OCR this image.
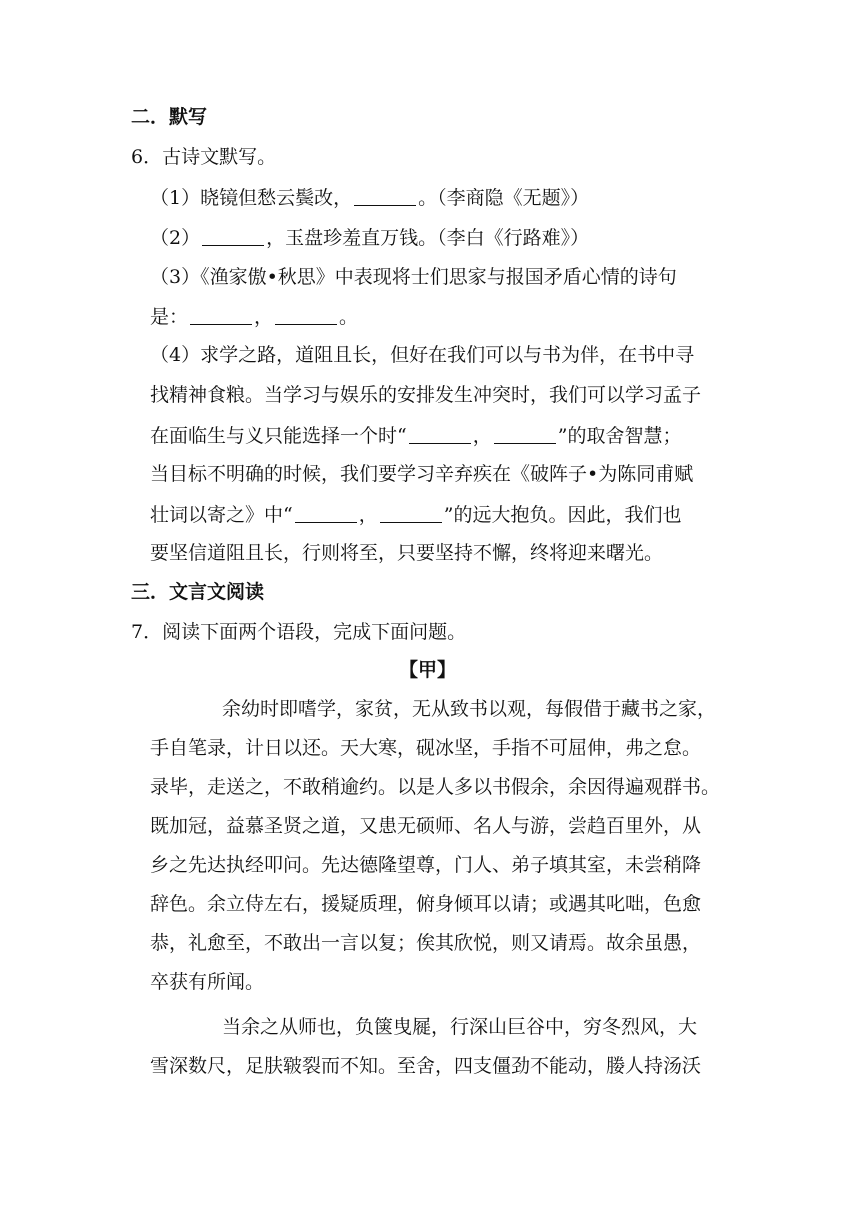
二．默写
6．古诗文默写。
（1）晓镜但愁云鬓改，	。（李商隐《无题》）
（2）	，玉盘珍羞直万钱。（李白《行路难》）
（3）《渔家傲•秋思》中表现将士们思家与报国矛盾心情的诗句
是：	，	。
（4）求学之路，道阻且长，但好在我们可以与书为伴，在书中寻
找精神食粮。当学习与娱乐的安排发生冲突时，我们可以学习孟子
在面临生与义只能选择一个时“	，	”的取舍智慧；
当目标不明确的时候，我们要学习辛弃疾在《破阵子•为陈同甫赋
壮词以寄之》中“	，	”的远大抱负。因此，我们也
要坚信道阻且长，行则将至，只要坚持不懈，终将迎来曙光。
三．文言文阅读
7．阅读下面两个语段，完成下面问题。
【甲】
余幼时即嗜学，家贫，无从致书以观，每假借于藏书之家，
手自笔录，计日以还。天大寒，砚冰坚，手指不可屈伸，弗之怠。
录毕，走送之，不敢稍逾约。以是人多以书假余，余因得遍观群书。
既加冠，益慕圣贤之道，又患无硕师、名人与游，尝趋百里外，从
乡之先达执经叩问。先达德隆望尊，门人、弟子填其室，未尝稍降
辞色。余立侍左右，援疑质理，俯身倾耳以请；或遇其叱咄，色愈
恭，礼愈至，不敢出一言以复；俟其欣悦，则又请焉。故余虽愚，
卒获有所闻。
当余之从师也，负箧曳屣，行深山巨谷中，穷冬烈风，大
雪深数尺，足肤皲裂而不知。至舍，四支僵劲不能动，媵人持汤沃
